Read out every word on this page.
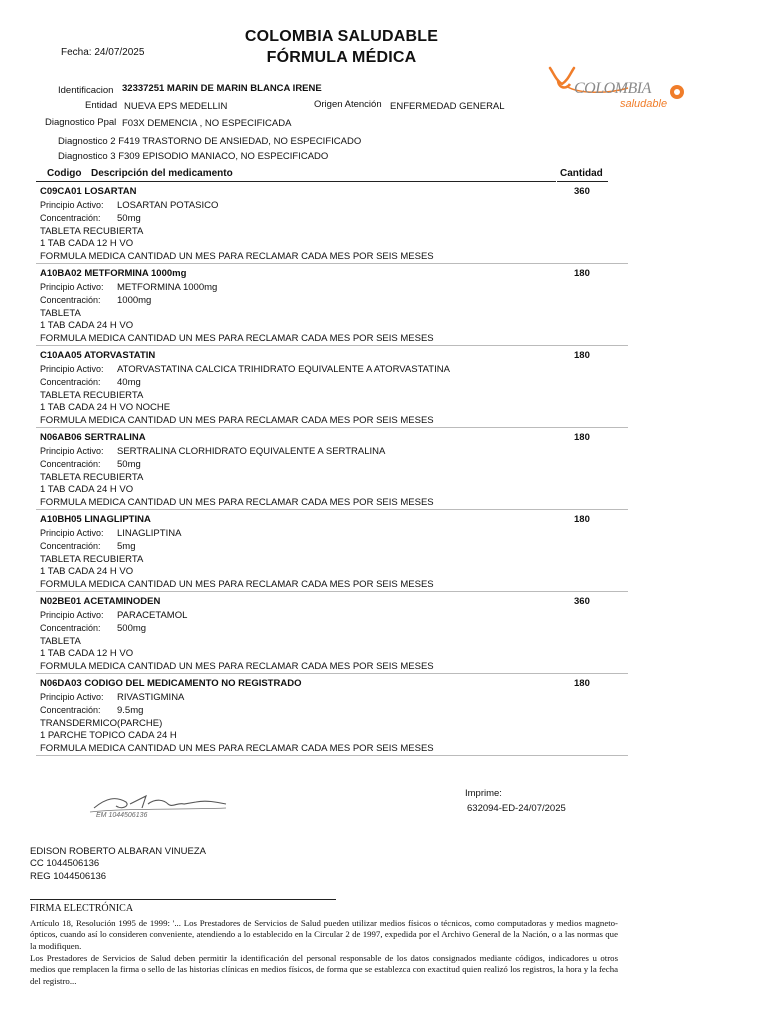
Fecha: 24/07/2025
COLOMBIA SALUDABLE
FÓRMULA MÉDICA
COLOMBIA
saludable
Identificacion 32337251 MARIN DE MARIN BLANCA IRENE
Entidad NUEVA EPS MEDELLIN	Origen Atención ENFERMEDAD GENERAL
Diagnostico Ppal F03X DEMENCIA , NO ESPECIFICADA
Diagnostico 2 F419 TRASTORNO DE ANSIEDAD, NO ESPECIFICADO
Diagnostico 3 F309 EPISODIO MANIACO, NO ESPECIFICADO
Codigo Descripción del medicamento	Cantidad
C09CA01 LOSARTAN	360
Principio Activo: LOSARTAN POTASICO
Concentración: 50mg
TABLETA RECUBIERTA
1 TAB CADA 12 H VO
FORMULA MEDICA CANTIDAD UN MES PARA RECLAMAR CADA MES POR SEIS MESES
A10BA02 METFORMINA 1000mg	180
Principio Activo: METFORMINA 1000mg
Concentración: 1000mg
TABLETA
1 TAB CADA 24 H VO
FORMULA MEDICA CANTIDAD UN MES PARA RECLAMAR CADA MES POR SEIS MESES
C10AA05 ATORVASTATIN	180
Principio Activo: ATORVASTATINA CALCICA TRIHIDRATO EQUIVALENTE A ATORVASTATINA
Concentración: 40mg
TABLETA RECUBIERTA
1 TAB CADA 24 H VO NOCHE
FORMULA MEDICA CANTIDAD UN MES PARA RECLAMAR CADA MES POR SEIS MESES
N06AB06 SERTRALINA	180
Principio Activo: SERTRALINA CLORHIDRATO EQUIVALENTE A SERTRALINA
Concentración: 50mg
TABLETA RECUBIERTA
1 TAB CADA 24 H VO
FORMULA MEDICA CANTIDAD UN MES PARA RECLAMAR CADA MES POR SEIS MESES
A10BH05 LINAGLIPTINA	180
Principio Activo: LINAGLIPTINA
Concentración: 5mg
TABLETA RECUBIERTA
1 TAB CADA 24 H VO
FORMULA MEDICA CANTIDAD UN MES PARA RECLAMAR CADA MES POR SEIS MESES
N02BE01 ACETAMINODEN	360
Principio Activo: PARACETAMOL
Concentración: 500mg
TABLETA
1 TAB CADA 12 H VO
FORMULA MEDICA CANTIDAD UN MES PARA RECLAMAR CADA MES POR SEIS MESES
N06DA03 CODIGO DEL MEDICAMENTO NO REGISTRADO	180
Principio Activo: RIVASTIGMINA
Concentración: 9.5mg
TRANSDERMICO(PARCHE)
1 PARCHE TOPICO CADA 24 H
FORMULA MEDICA CANTIDAD UN MES PARA RECLAMAR CADA MES POR SEIS MESES
Imprime:
632094-ED-24/07/2025
EM 1044506136
EDISON ROBERTO ALBARAN VINUEZA
CC 1044506136
REG 1044506136
FIRMA ELECTRÓNICA
Artículo 18, Resolución 1995 de 1999: '... Los Prestadores de Servicios de Salud pueden utilizar medios físicos o técnicos, como computadoras y medios magneto-ópticos, cuando así lo consideren conveniente, atendiendo a lo establecido en la Circular 2 de 1997, expedida por el Archivo General de la Nación, o a las normas que la modifiquen.
Los Prestadores de Servicios de Salud deben permitir la identificación del personal responsable de los datos consignados mediante códigos, indicadores u otros medios que remplacen la firma o sello de las historias clínicas en medios físicos, de forma que se establezca con exactitud quien realizó los registros, la hora y la fecha del registro...
